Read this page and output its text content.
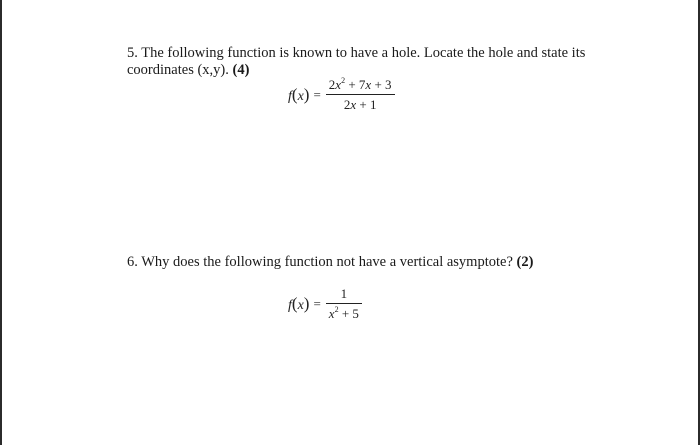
5. The following function is known to have a hole. Locate the hole and state its

coordinates (x,y). (4)

$f(x) = \frac{2x^2 + 7x + 3}{2x + 1}$

6. Why does the following function not have a vertical asymptote? (2)

$f(x) = \frac{1}{x^2 + 5}$
